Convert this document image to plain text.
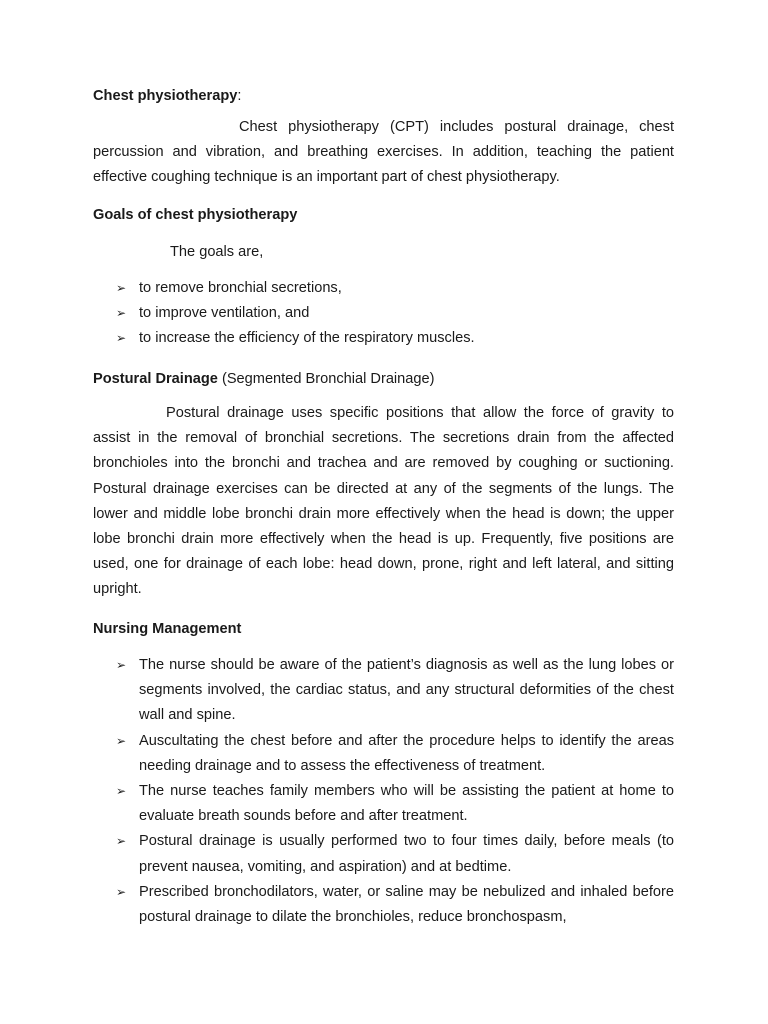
Chest physiotherapy:
Chest physiotherapy (CPT) includes postural drainage, chest percussion and vibration, and breathing exercises. In addition, teaching the patient effective coughing technique is an important part of chest physiotherapy.
Goals of chest physiotherapy
The goals are,
➢ to remove bronchial secretions,
➢ to improve ventilation, and
➢ to increase the efficiency of the respiratory muscles.
Postural Drainage (Segmented Bronchial Drainage)
Postural drainage uses specific positions that allow the force of gravity to assist in the removal of bronchial secretions. The secretions drain from the affected bronchioles into the bronchi and trachea and are removed by coughing or suctioning. Postural drainage exercises can be directed at any of the segments of the lungs. The lower and middle lobe bronchi drain more effectively when the head is down; the upper lobe bronchi drain more effectively when the head is up. Frequently, five positions are used, one for drainage of each lobe: head down, prone, right and left lateral, and sitting upright.
Nursing Management
➢ The nurse should be aware of the patient’s diagnosis as well as the lung lobes or segments involved, the cardiac status, and any structural deformities of the chest wall and spine.
➢ Auscultating the chest before and after the procedure helps to identify the areas needing drainage and to assess the effectiveness of treatment.
➢ The nurse teaches family members who will be assisting the patient at home to evaluate breath sounds before and after treatment.
➢ Postural drainage is usually performed two to four times daily, before meals (to prevent nausea, vomiting, and aspiration) and at bedtime.
➢ Prescribed bronchodilators, water, or saline may be nebulized and inhaled before postural drainage to dilate the bronchioles, reduce bronchospasm,
